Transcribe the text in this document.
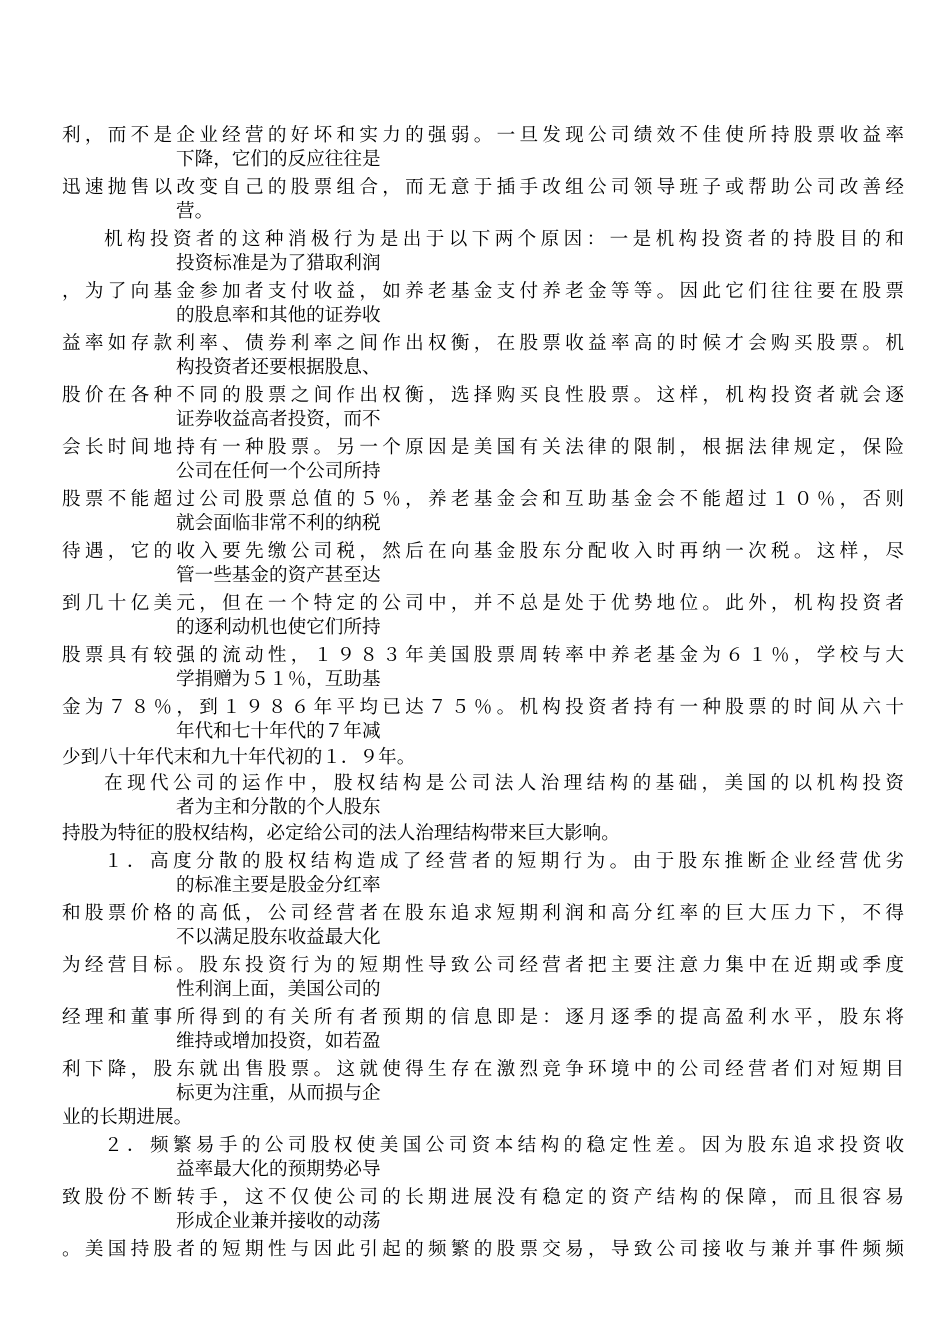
利，而不是企业经营的好坏和实力的强弱。一旦发现公司绩效不佳使所持股票收益率
下降，它们的反应往往是
迅速抛售以改变自己的股票组合，而无意于插手改组公司领导班子或帮助公司改善经
营。
机构投资者的这种消极行为是出于以下两个原因：一是机构投资者的持股目的和
投资标准是为了猎取利润
，为了向基金参加者支付收益，如养老基金支付养老金等等。因此它们往往要在股票
的股息率和其他的证券收
益率如存款利率、债券利率之间作出权衡，在股票收益率高的时候才会购买股票。机
构投资者还要根据股息、
股价在各种不同的股票之间作出权衡，选择购买良性股票。这样，机构投资者就会逐
证券收益高者投资，而不
会长时间地持有一种股票。另一个原因是美国有关法律的限制，根据法律规定，保险
公司在任何一个公司所持
股票不能超过公司股票总值的５％，养老基金会和互助基金会不能超过１０％，否则
就会面临非常不利的纳税
待遇，它的收入要先缴公司税，然后在向基金股东分配收入时再纳一次税。这样，尽
管一些基金的资产甚至达
到几十亿美元，但在一个特定的公司中，并不总是处于优势地位。此外，机构投资者
的逐利动机也使它们所持
股票具有较强的流动性，１９８３年美国股票周转率中养老基金为６１％，学校与大
学捐赠为５１％，互助基
金为７８％，到１９８６年平均已达７５％。机构投资者持有一种股票的时间从六十
年代和七十年代的７年减
少到八十年代末和九十年代初的１．９年。
在现代公司的运作中，股权结构是公司法人治理结构的基础，美国的以机构投资
者为主和分散的个人股东
持股为特征的股权结构，必定给公司的法人治理结构带来巨大影响。
１．高度分散的股权结构造成了经营者的短期行为。由于股东推断企业经营优劣
的标准主要是股金分红率
和股票价格的高低，公司经营者在股东追求短期利润和高分红率的巨大压力下，不得
不以满足股东收益最大化
为经营目标。股东投资行为的短期性导致公司经营者把主要注意力集中在近期或季度
性利润上面，美国公司的
经理和董事所得到的有关所有者预期的信息即是：逐月逐季的提高盈利水平，股东将
维持或增加投资，如若盈
利下降，股东就出售股票。这就使得生存在激烈竞争环境中的公司经营者们对短期目
标更为注重，从而损与企
业的长期进展。
２．频繁易手的公司股权使美国公司资本结构的稳定性差。因为股东追求投资收
益率最大化的预期势必导
致股份不断转手，这不仅使公司的长期进展没有稳定的资产结构的保障，而且很容易
形成企业兼并接收的动荡
。美国持股者的短期性与因此引起的频繁的股票交易，导致公司接收与兼并事件频频
